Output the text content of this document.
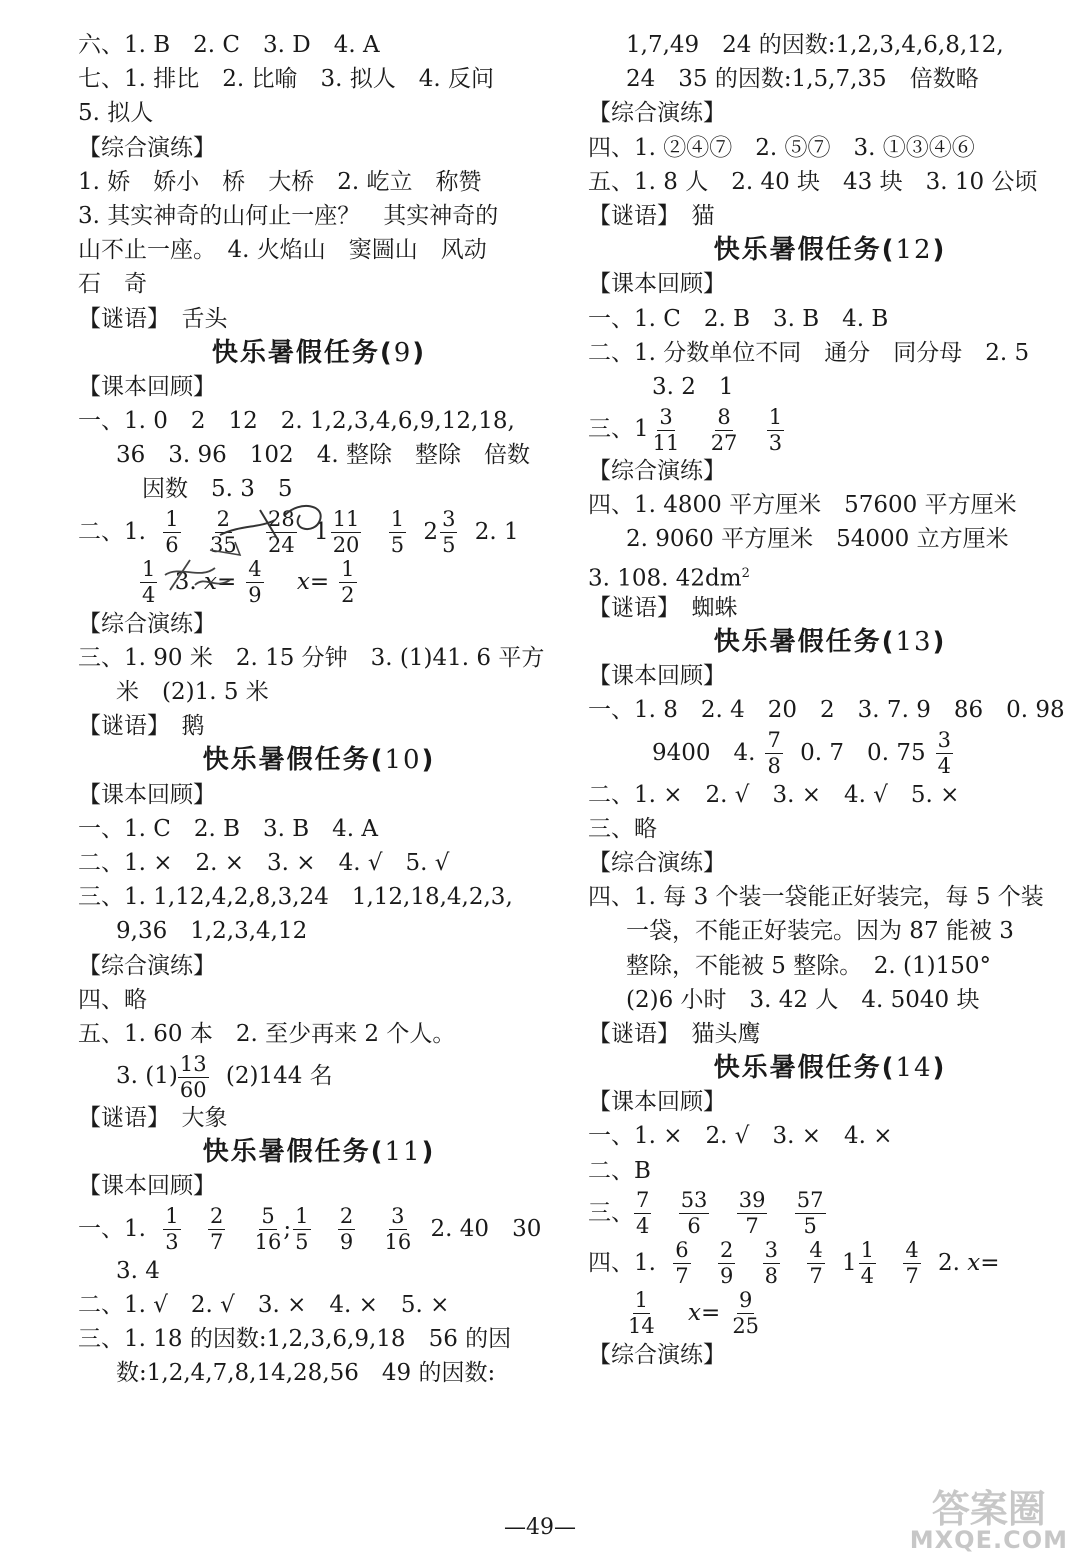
六、1. B　2. C　3. D　4. A
七、1. 排比　2. 比喻　3. 拟人　4. 反问
5. 拟人
【综合演练】
1. 娇　娇小　桥　大桥　2. 屹立　称赞
3. 其实神奇的山何止一座？　其实神奇的
山不止一座。　4. 火焰山　窦圌山　风动
石　奇
【谜语】　舌头
快乐暑假任务(9)
【课本回顾】
一、1. 0　2　12　2. 1,2,3,4,6,9,12,18,
36　3. 96　102　4. 整除　整除　倍数
因数　5. 3　5
二、1. $\frac{1}{6}$
$\frac{2}{35}$
$\frac{28}{24} 1 \frac{11}{20}$
$\frac{1}{5} 2 \frac{3}{5} 2$. 1
$\frac{1}{4} 3$. $x= \frac{4}{9} x= \frac{1}{2}$
【综合演练】
三、1. 90 米　2. 15 分钟　3. (1)41. 6 平方
米　(2)1. 5 米
【谜语】　鹅
快乐暑假任务(10)
【课本回顾】
一、1. C　2. B　3. B　4. A
二、1. ×　2. ×　3. ×　4. √　5. √
三、1. 1,12,4,2,8,3,24　1,12,18,4,2,3,
9,36　1,2,3,4,12
【综合演练】
四、略
五、1. 60 本　2. 至少再来 2 个人。
3. $(1) \frac{13}{60} (2)144$ 名
【谜语】　大象
快乐暑假任务(11)
【课本回顾】
一、1. $\frac{1}{3}$
$\frac{2}{7}$
$\frac{5}{16}$ ; $\frac{1}{5}$
$\frac{2}{9}$
$\frac{3}{16} 2$. 40　30
3. 4
二、1. √　2. √　3. ×　4. ×　5. ×
三、1. 18 的因数:1,2,3,6,9,18　56 的因
数:1,2,4,7,8,14,28,56　49 的因数:
1,7,49　24 的因数:1,2,3,4,6,8,12,
24　35 的因数:1,5,7,35　倍数略
【综合演练】
四、1. ②④⑦　2. ⑤⑦　3. ①③④⑥
五、1. 8 人　2. 40 块　43 块　3. 10 公顷
【谜语】　猫
快乐暑假任务(12)
【课本回顾】
一、1. C　2. B　3. B　4. B
二、1. 分数单位不同　通分　同分母　2. 5
3. 2　1
三、$1 \frac{3}{11}$
$\frac{8}{27}$
$\frac{1}{3}$
【综合演练】
四、1. 4800 平方厘米　57600 平方厘米
2. 9060 平方厘米　54000 立方厘米
3. 108. $42dm^2$
【谜语】　蜘蛛
快乐暑假任务(13)
【课本回顾】
一、1. 8　2. 4　20　2　3. 7. 9　86　0. 98
9400　4. $\frac{7}{8} 0$. 7　0. $75 \frac{3}{4}$
二、1. ×　2. √　3. ×　4. √　5. ×
三、略
【综合演练】
四、1. 每 3 个装一袋能正好装完，每 5 个装
一袋，不能正好装完。因为 87 能被 3
整除，不能被 5 整除。　2. (1)150°
(2)6 小时　3. 42 人　4. 5040 块
【谜语】　猫头鹰
快乐暑假任务(14)
【课本回顾】
一、1. ×　2. √　3. ×　4. ×
二、B
三、 $\frac{7}{4}$
$\frac{53}{6}$
$\frac{39}{7}$
$\frac{57}{5}$
四、1. $\frac{6}{7}$
$\frac{2}{9}$
$\frac{3}{8}$
$\frac{4}{7} 1 \frac{1}{4}$
$\frac{4}{7} 2$. x=
$\frac{1}{14} x= \frac{9}{25}$
【综合演练】
—49—	答案圈
MXQE.COM
